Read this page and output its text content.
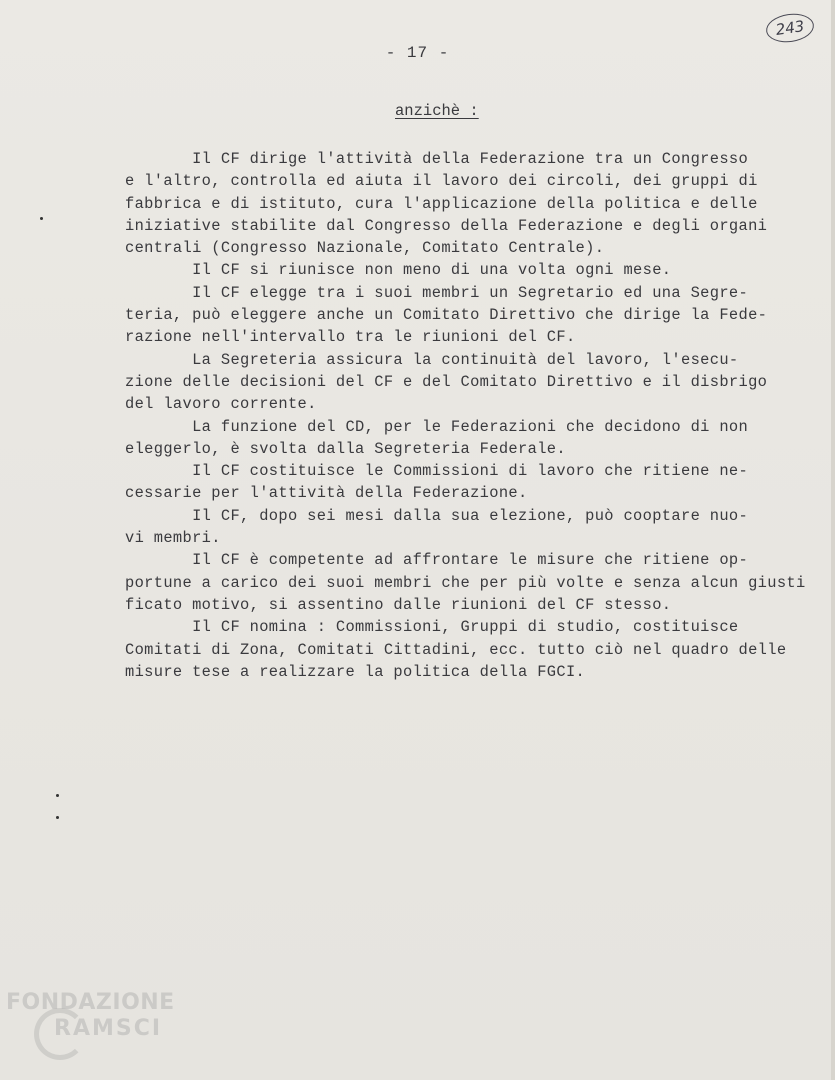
243
- 17 -
anzichè :
Il CF dirige l'attività della Federazione tra un Congresso
e l'altro, controlla ed aiuta il lavoro dei circoli, dei gruppi di
fabbrica e di istituto, cura l'applicazione della politica e delle
iniziative stabilite dal Congresso della Federazione e degli organi
centrali (Congresso Nazionale, Comitato Centrale).
Il CF si riunisce non meno di una volta ogni mese.
Il CF elegge tra i suoi membri un Segretario ed una Segre-
teria, può eleggere anche un Comitato Direttivo che dirige la Fede-
razione nell'intervallo tra le riunioni del CF.
La Segreteria assicura la continuità del lavoro, l'esecu-
zione delle decisioni del CF e del Comitato Direttivo e il disbrigo
del lavoro corrente.
La funzione del CD, per le Federazioni che decidono di non
eleggerlo, è svolta dalla Segreteria Federale.
Il CF costituisce le Commissioni di lavoro che ritiene ne-
cessarie per l'attività della Federazione.
Il CF, dopo sei mesi dalla sua elezione, può cooptare nuo-
vi membri.
Il CF è competente ad affrontare le misure che ritiene op-
portune a carico dei suoi membri che per più volte e senza alcun giusti
ficato motivo, si assentino dalle riunioni del CF stesso.
Il CF nomina : Commissioni, Gruppi di studio, costituisce
Comitati di Zona, Comitati Cittadini, ecc. tutto ciò nel quadro delle
misure tese a realizzare la politica della FGCI.
FONDAZIONE
RAMSCI
